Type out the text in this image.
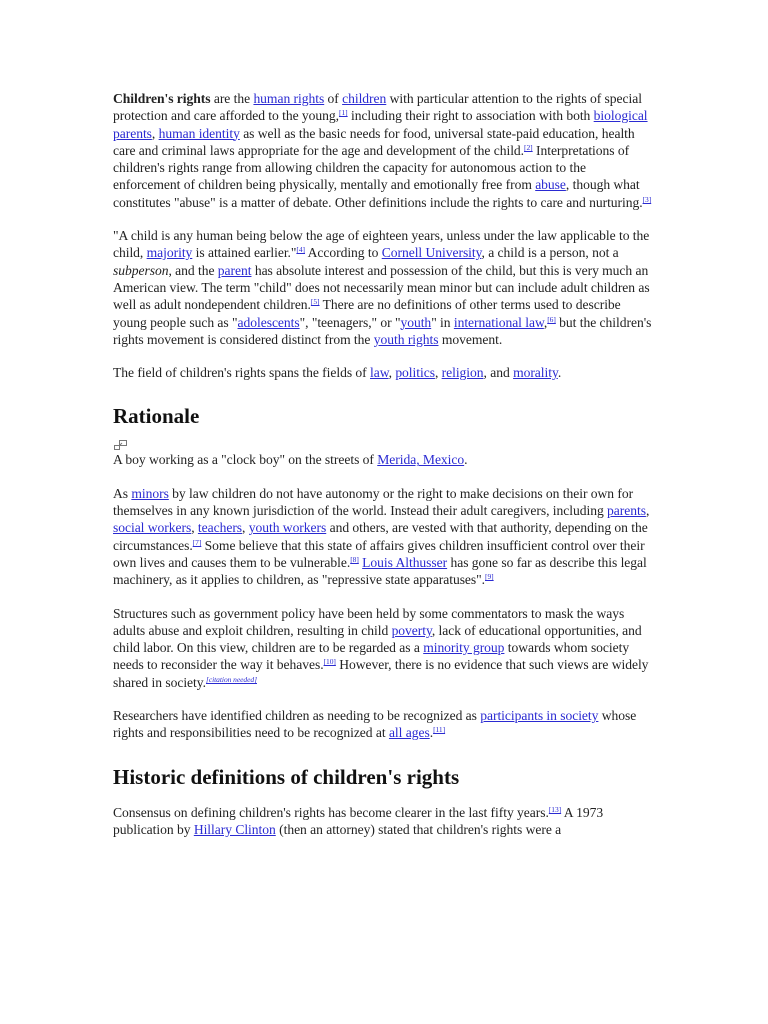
Children's rights are the human rights of children with particular attention to the rights of special protection and care afforded to the young,[1] including their right to association with both biological parents, human identity as well as the basic needs for food, universal state-paid education, health care and criminal laws appropriate for the age and development of the child.[2] Interpretations of children's rights range from allowing children the capacity for autonomous action to the enforcement of children being physically, mentally and emotionally free from abuse, though what constitutes "abuse" is a matter of debate. Other definitions include the rights to care and nurturing.[3]

"A child is any human being below the age of eighteen years, unless under the law applicable to the child, majority is attained earlier."[4] According to Cornell University, a child is a person, not a subperson, and the parent has absolute interest and possession of the child, but this is very much an American view. The term "child" does not necessarily mean minor but can include adult children as well as adult nondependent children.[5] There are no definitions of other terms used to describe young people such as "adolescents", "teenagers," or "youth" in international law,[6] but the children's rights movement is considered distinct from the youth rights movement.

The field of children's rights spans the fields of law, politics, religion, and morality.

Rationale

A boy working as a "clock boy" on the streets of Merida, Mexico.

As minors by law children do not have autonomy or the right to make decisions on their own for themselves in any known jurisdiction of the world. Instead their adult caregivers, including parents, social workers, teachers, youth workers and others, are vested with that authority, depending on the circumstances.[7] Some believe that this state of affairs gives children insufficient control over their own lives and causes them to be vulnerable.[8] Louis Althusser has gone so far as describe this legal machinery, as it applies to children, as "repressive state apparatuses".[9]

Structures such as government policy have been held by some commentators to mask the ways adults abuse and exploit children, resulting in child poverty, lack of educational opportunities, and child labor. On this view, children are to be regarded as a minority group towards whom society needs to reconsider the way it behaves.[10] However, there is no evidence that such views are widely shared in society.[citation needed]

Researchers have identified children as needing to be recognized as participants in society whose rights and responsibilities need to be recognized at all ages.[11]

Historic definitions of children's rights

Consensus on defining children's rights has become clearer in the last fifty years.[13] A 1973 publication by Hillary Clinton (then an attorney) stated that children's rights were a
